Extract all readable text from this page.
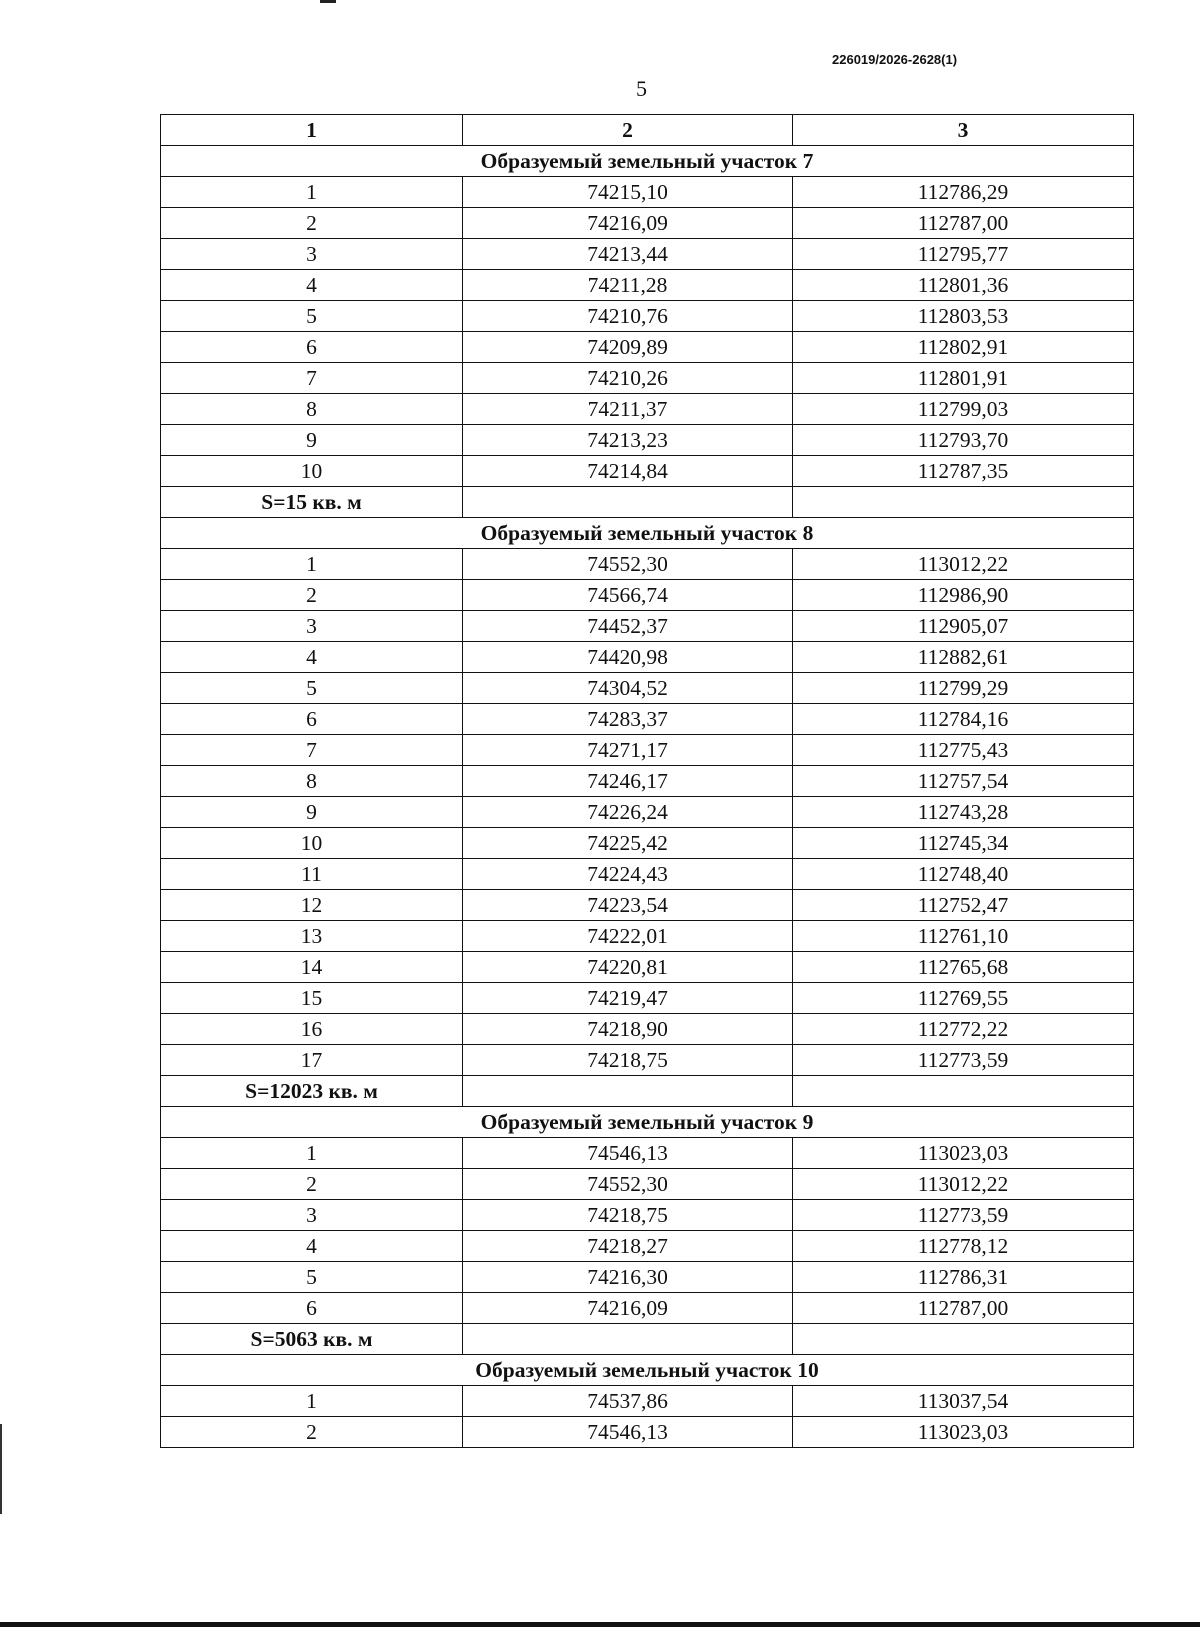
226019/2026-2628(1)
5
1	2	3
Образуемый земельный участок 7		
1	74215,10	112786,29
2	74216,09	112787,00
3	74213,44	112795,77
4	74211,28	112801,36
5	74210,76	112803,53
6	74209,89	112802,91
7	74210,26	112801,91
8	74211,37	112799,03
9	74213,23	112793,70
10	74214,84	112787,35
S=15 кв. м		
Образуемый земельный участок 8		
1	74552,30	113012,22
2	74566,74	112986,90
3	74452,37	112905,07
4	74420,98	112882,61
5	74304,52	112799,29
6	74283,37	112784,16
7	74271,17	112775,43
8	74246,17	112757,54
9	74226,24	112743,28
10	74225,42	112745,34
11	74224,43	112748,40
12	74223,54	112752,47
13	74222,01	112761,10
14	74220,81	112765,68
15	74219,47	112769,55
16	74218,90	112772,22
17	74218,75	112773,59
S=12023 кв. м		
Образуемый земельный участок 9		
1	74546,13	113023,03
2	74552,30	113012,22
3	74218,75	112773,59
4	74218,27	112778,12
5	74216,30	112786,31
6	74216,09	112787,00
S=5063 кв. м		
Образуемый земельный участок 10		
1	74537,86	113037,54
2	74546,13	113023,03
